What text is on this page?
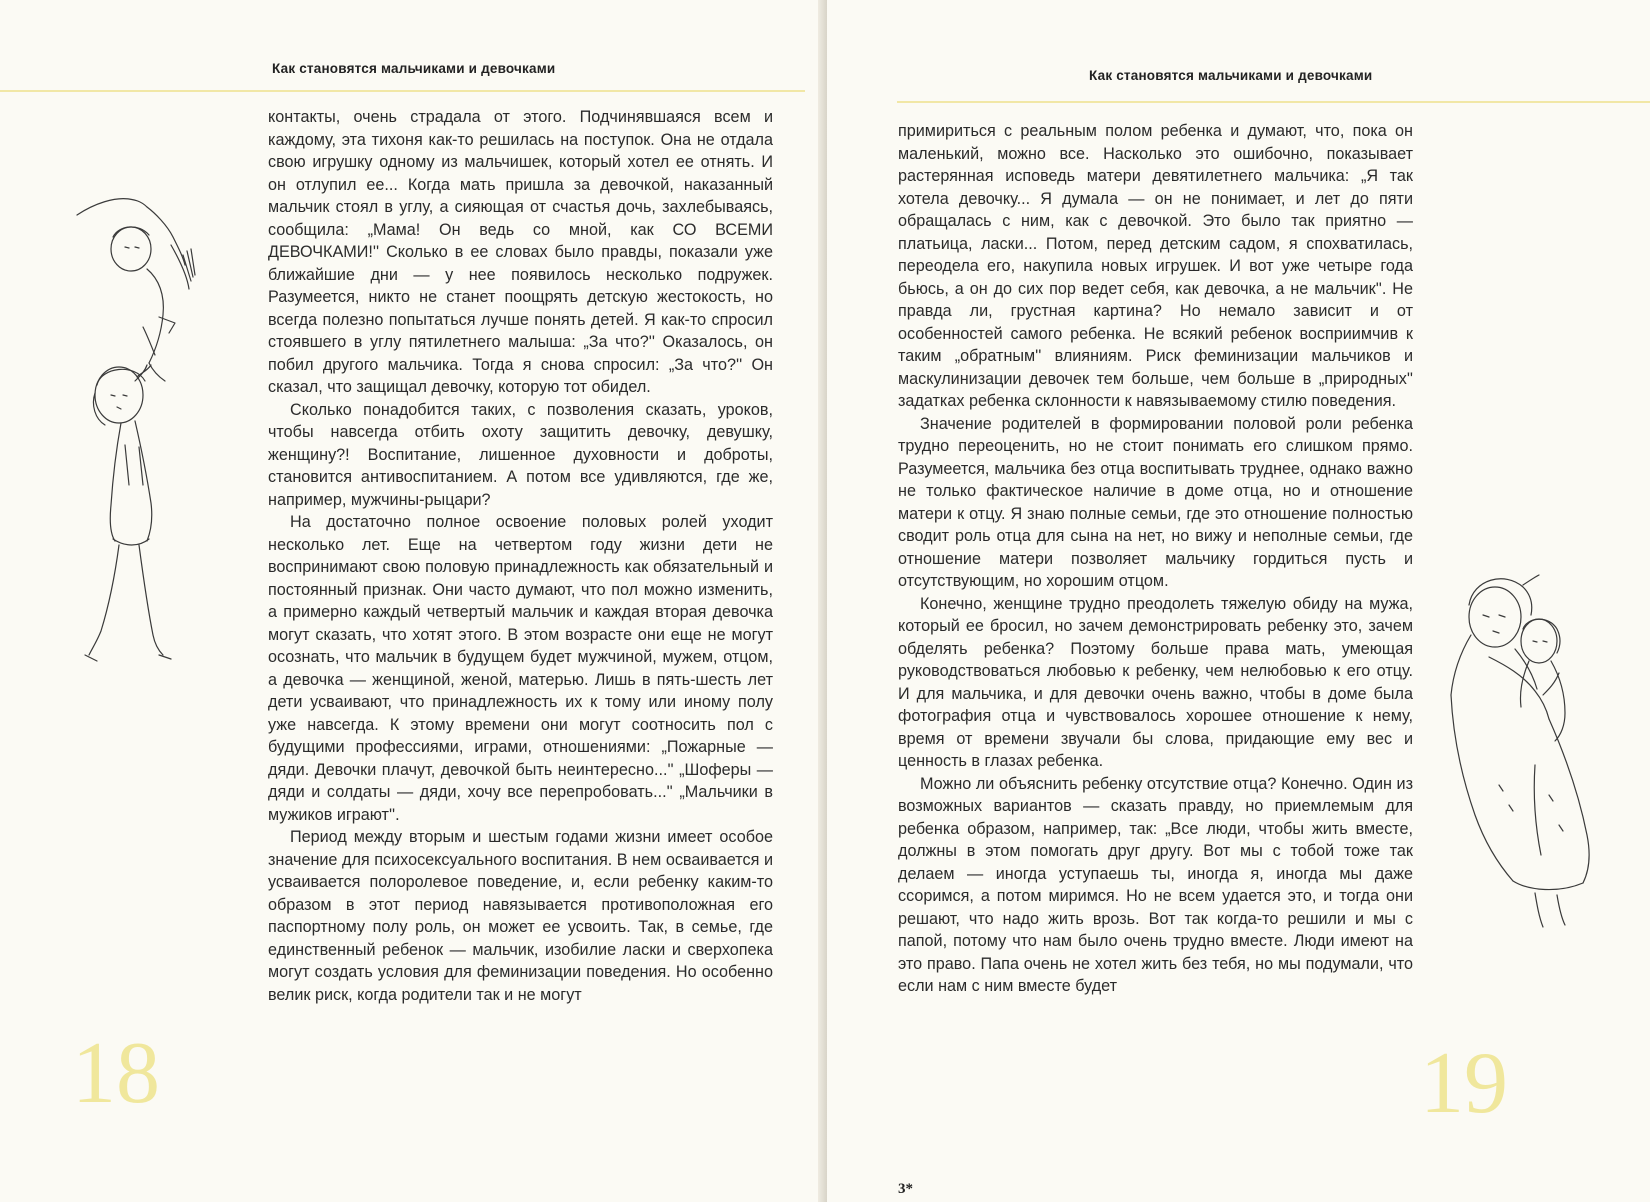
Как становятся мальчиками и девочками

контакты, очень страдала от этого. Подчинявшаяся всем и каждому, эта тихоня как-то решилась на поступок. Она не отдала свою игрушку одному из мальчишек, который хотел ее отнять. И он отлупил ее... Когда мать пришла за девочкой, наказанный мальчик стоял в углу, а сияющая от счастья дочь, захлебываясь, сообщила: „Мама! Он ведь со мной, как СО ВСЕМИ ДЕВОЧКАМИ!'' Сколько в ее словах было правды, показали уже ближайшие дни — у нее появилось несколько подружек. Разумеется, никто не станет поощрять детскую жестокость, но всегда полезно попытаться лучше понять детей. Я как-то спросил стоявшего в углу пятилетнего малыша: „За что?'' Оказалось, он побил другого мальчика. Тогда я снова спросил: „За что?'' Он сказал, что защищал девочку, которую тот обидел.

Сколько понадобится таких, с позволения сказать, уроков, чтобы навсегда отбить охоту защитить девочку, девушку, женщину?! Воспитание, лишенное духовности и доброты, становится антивоспитанием. А потом все удивляются, где же, например, мужчины-рыцари?

На достаточно полное освоение половых ролей уходит несколько лет. Еще на четвертом году жизни дети не воспринимают свою половую принадлежность как обязательный и постоянный признак. Они часто думают, что пол можно изменить, а примерно каждый четвертый мальчик и каждая вторая девочка могут сказать, что хотят этого. В этом возрасте они еще не могут осознать, что мальчик в будущем будет мужчиной, мужем, отцом, а девочка — женщиной, женой, матерью. Лишь в пять-шесть лет дети усваивают, что принадлежность их к тому или иному полу уже навсегда. К этому времени они могут соотносить пол с будущими профессиями, играми, отношениями: „Пожарные — дяди. Девочки плачут, девочкой быть неинтересно...'' „Шоферы — дяди и солдаты — дяди, хочу все перепробовать...'' „Мальчики в мужиков играют''.

Период между вторым и шестым годами жизни имеет особое значение для психосексуального воспитания. В нем осваивается и усваивается полоролевое поведение, и, если ребенку каким-то образом в этот период навязывается противоположная его паспортному полу роль, он может ее усвоить. Так, в семье, где единственный ребенок — мальчик, изобилие ласки и сверхопека могут создать условия для феминизации поведения. Но особенно велик риск, когда родители так и не могут

18
Как становятся мальчиками и девочками

примириться с реальным полом ребенка и думают, что, пока он маленький, можно все. Насколько это ошибочно, показывает растерянная исповедь матери девятилетнего мальчика: „Я так хотела девочку... Я думала — он не понимает, и лет до пяти обращалась с ним, как с девочкой. Это было так приятно — платьица, ласки... Потом, перед детским садом, я спохватилась, переодела его, накупила новых игрушек. И вот уже четыре года бьюсь, а он до сих пор ведет себя, как девочка, а не мальчик''. Не правда ли, грустная картина? Но немало зависит и от особенностей самого ребенка. Не всякий ребенок восприимчив к таким „обратным'' влияниям. Риск феминизации мальчиков и маскулинизации девочек тем больше, чем больше в „природных'' задатках ребенка склонности к навязываемому стилю поведения.

Значение родителей в формировании половой роли ребенка трудно переоценить, но не стоит понимать его слишком прямо. Разумеется, мальчика без отца воспитывать труднее, однако важно не только фактическое наличие в доме отца, но и отношение матери к отцу. Я знаю полные семьи, где это отношение полностью сводит роль отца для сына на нет, но вижу и неполные семьи, где отношение матери позволяет мальчику гордиться пусть и отсутствующим, но хорошим отцом.

Конечно, женщине трудно преодолеть тяжелую обиду на мужа, который ее бросил, но зачем демонстрировать ребенку это, зачем обделять ребенка? Поэтому больше права мать, умеющая руководствоваться любовью к ребенку, чем нелюбовью к его отцу. И для мальчика, и для девочки очень важно, чтобы в доме была фотография отца и чувствовалось хорошее отношение к нему, время от времени звучали бы слова, придающие ему вес и ценность в глазах ребенка.

Можно ли объяснить ребенку отсутствие отца? Конечно. Один из возможных вариантов — сказать правду, но приемлемым для ребенка образом, например, так: „Все люди, чтобы жить вместе, должны в этом помогать друг другу. Вот мы с тобой тоже так делаем — иногда уступаешь ты, иногда я, иногда мы даже ссоримся, а потом миримся. Но не всем удается это, и тогда они решают, что надо жить врозь. Вот так когда-то решили и мы с папой, потому что нам было очень трудно вместе. Люди имеют на это право. Папа очень не хотел жить без тебя, но мы подумали, что если нам с ним вместе будет

19
3*
